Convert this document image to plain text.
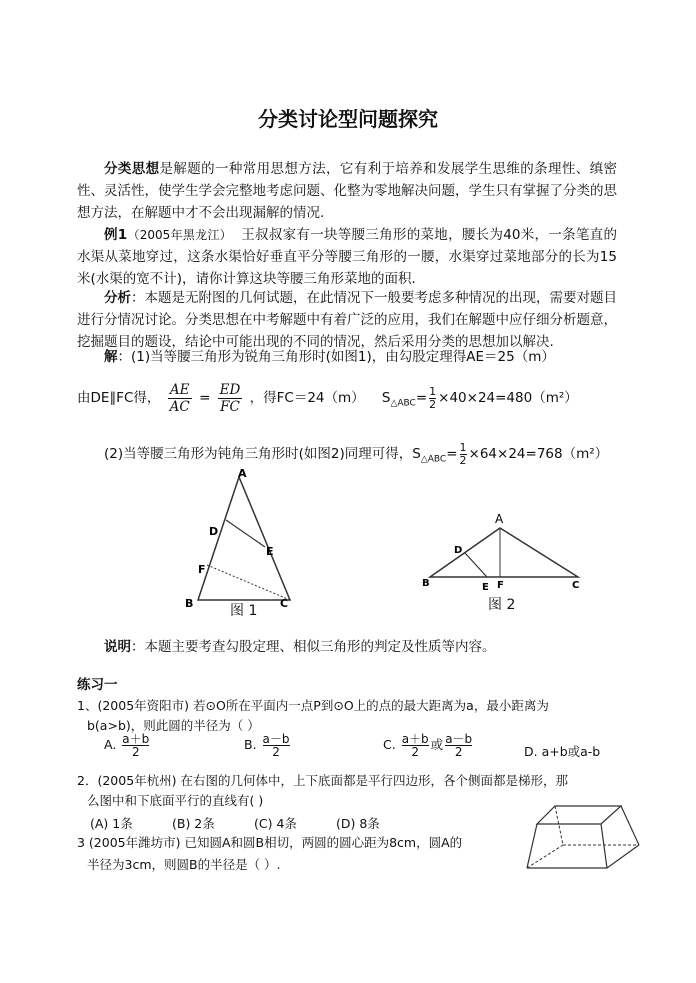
分类讨论型问题探究
分类思想是解题的一种常用思想方法，它有利于培养和发展学生思维的条理性、缜密性、灵活性，使学生学会完整地考虑问题、化整为零地解决问题，学生只有掌握了分类的思想方法，在解题中才不会出现漏解的情况.
例1（2005年黑龙江） 王叔叔家有一块等腰三角形的菜地，腰长为40米，一条笔直的水渠从菜地穿过，这条水渠恰好垂直平分等腰三角形的一腰，水渠穿过菜地部分的长为15米(水渠的宽不计)，请你计算这块等腰三角形菜地的面积.
分析：本题是无附图的几何试题，在此情况下一般要考虑多种情况的出现，需要对题目进行分情况讨论。分类思想在中考解题中有着广泛的应用，我们在解题中应仔细分析题意，挖掘题目的题设，结论中可能出现的不同的情况，然后采用分类的思想加以解决.
解：(1)当等腰三角形为锐角三角形时(如图1)，由勾股定理得AE＝25（m）
由DE∥FC得， $\frac{AE}{AC} = \frac{ED}{FC}$ ，得FC＝24（m） $S_{\triangle ABC}= \frac{1}{2} \times 40\times 24=480(m^2)$
(2)当等腰三角形为钝角三角形时(如图2)同理可得，$S_{\triangle ABC}= \frac{1}{2} \times 64\times 24=768(m^2)$
A
D
E
F
B	C
图 1
A
D
B	E F	C
图 2
说明：本题主要考查勾股定理、相似三角形的判定及性质等内容。
练习一
1、(2005年资阳市) 若⊙O所在平面内一点P到⊙O上的点的最大距离为a，最小距离为
b(a>b)，则此圆的半径为（ ）
A. $\frac{a+b}{2}$	B. $\frac{a-b}{2}$	C. $\frac{a+b}{2}$ 或 $\frac{a-b}{2}$	D. a+b或a-b
2．(2005年杭州) 在右图的几何体中，上下底面都是平行四边形，各个侧面都是梯形，那
么图中和下底面平行的直线有( )
(A) 1条	(B) 2条	(C) 4条	(D) 8条
3 (2005年潍坊市) 已知圆A和圆B相切，两圆的圆心距为8cm，圆A的
半径为3cm，则圆B的半径是（ ）.
